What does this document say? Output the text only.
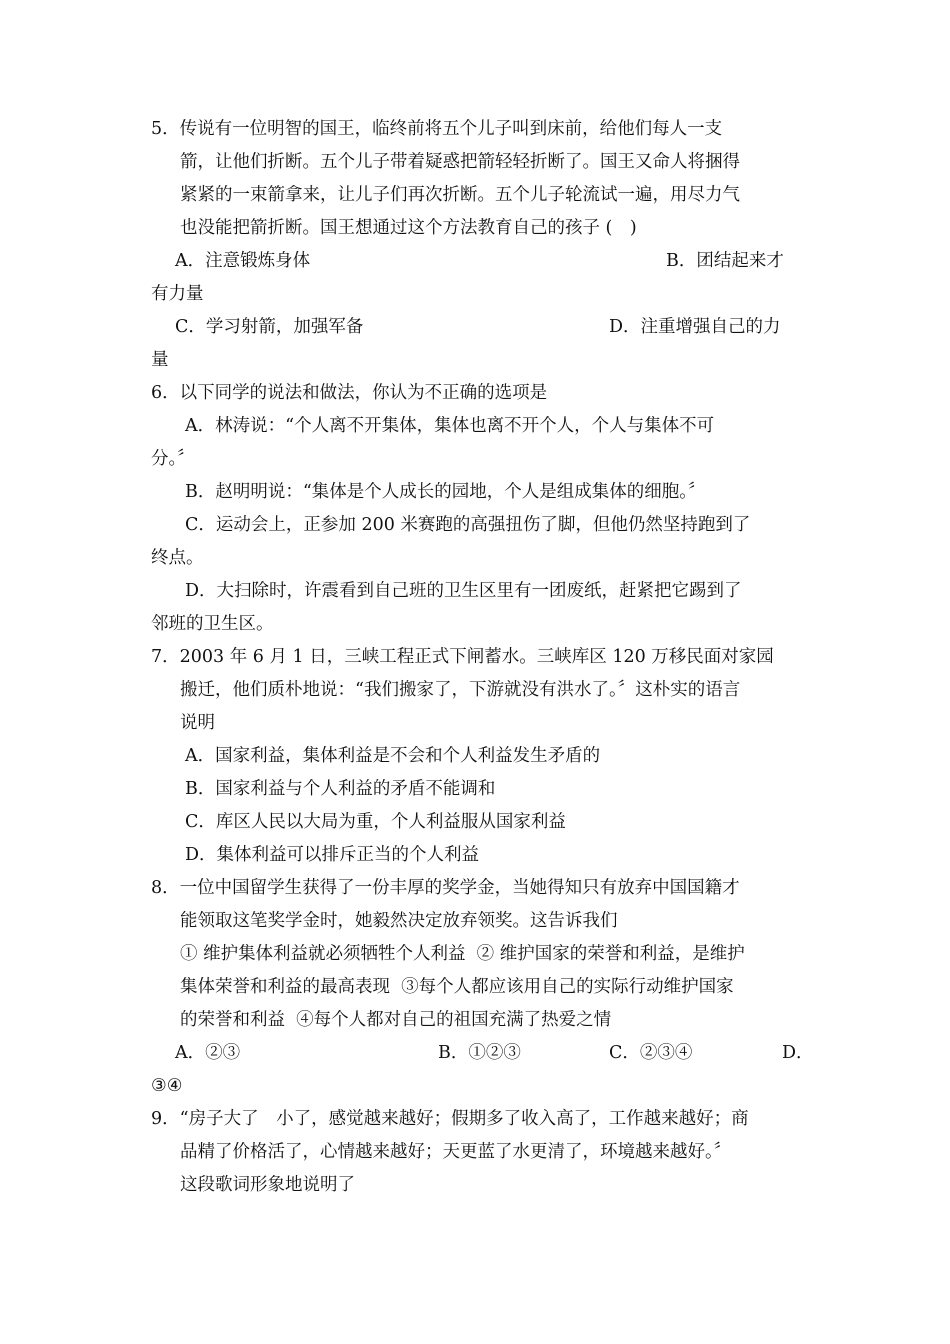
5．传说有一位明智的国王，临终前将五个儿子叫到床前，给他们每人一支
箭，让他们折断。五个儿子带着疑惑把箭轻轻折断了。国王又命人将捆得
紧紧的一束箭拿来，让儿子们再次折断。五个儿子轮流试一遍，用尽力气
也没能把箭折断。国王想通过这个方法教育自己的孩子 (　)
A．注意锻炼身体	B．团结起来才
有力量
C．学习射箭，加强军备	D．注重增强自己的力
量
6．以下同学的说法和做法，你认为不正确的选项是
A．林涛说：“个人离不开集体，集体也离不开个人，个人与集体不可
分。〞
B．赵明明说：“集体是个人成长的园地，个人是组成集体的细胞。〞
C．运动会上，正参加 200 米赛跑的高强扭伤了脚，但他仍然坚持跑到了
终点。
D．大扫除时，许震看到自己班的卫生区里有一团废纸，赶紧把它踢到了
邻班的卫生区。
7．2003 年 6 月 1 日，三峡工程正式下闸蓄水。三峡库区 120 万移民面对家园
搬迁，他们质朴地说：“我们搬家了，下游就没有洪水了。〞这朴实的语言
说明
A．国家利益，集体利益是不会和个人利益发生矛盾的
B．国家利益与个人利益的矛盾不能调和
C．库区人民以大局为重，个人利益服从国家利益
D．集体利益可以排斥正当的个人利益
8．一位中国留学生获得了一份丰厚的奖学金，当她得知只有放弃中国国籍才
能领取这笔奖学金时，她毅然决定放弃领奖。这告诉我们
① 维护集体利益就必须牺牲个人利益  ② 维护国家的荣誉和利益，是维护
集体荣誉和利益的最高表现  ③每个人都应该用自己的实际行动维护国家
的荣誉和利益  ④每个人都对自己的祖国充满了热爱之情
A．②③	B．①②③	C．②③④	D．
③④
9．“房子大了　小了，感觉越来越好；假期多了收入高了，工作越来越好；商
品精了价格活了，心情越来越好；天更蓝了水更清了，环境越来越好。〞
这段歌词形象地说明了
